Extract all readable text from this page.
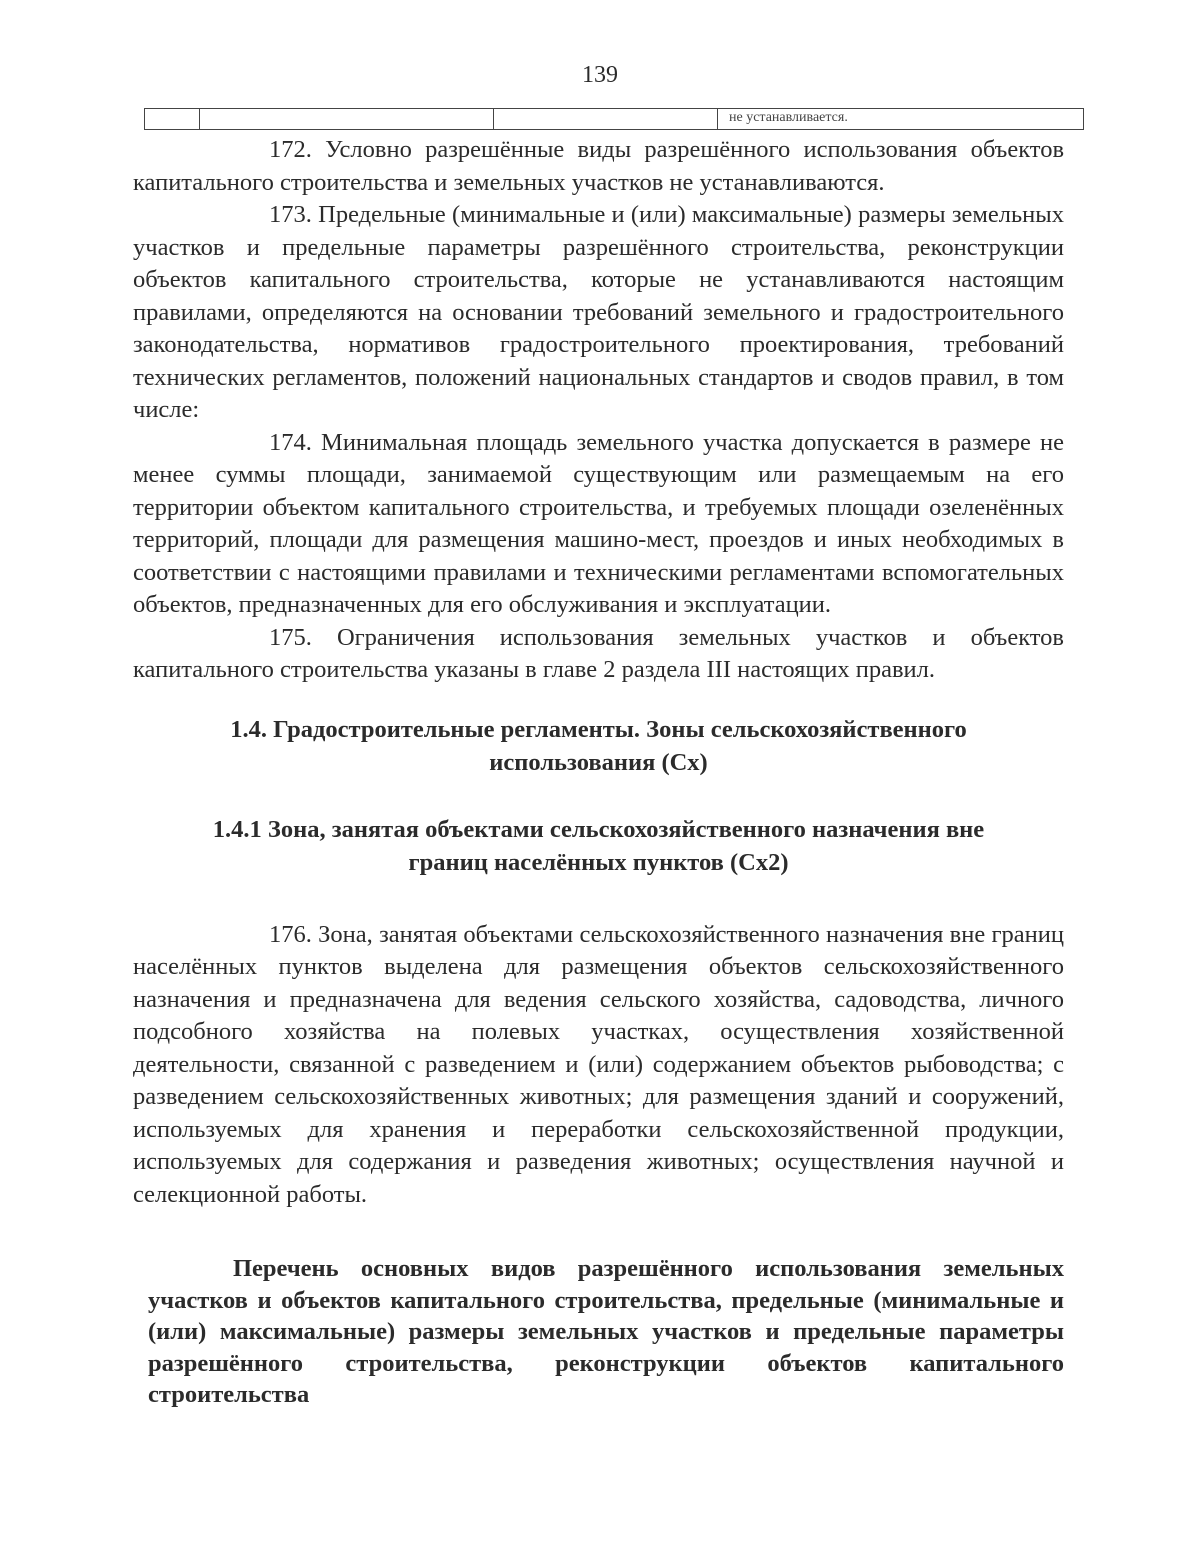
139
не устанавливается.

172. Условно разрешённые виды разрешённого использования объектов капитального строительства и земельных участков не устанавливаются.

173. Предельные (минимальные и (или) максимальные) размеры земельных участков и предельные параметры разрешённого строительства, реконструкции объектов капитального строительства, которые не устанавливаются настоящим правилами, определяются на основании требований земельного и градостроительного законодательства, нормативов градостроительного проектирования, требований технических регламентов, положений национальных стандартов и сводов правил, в том числе:

174. Минимальная площадь земельного участка допускается в размере не менее суммы площади, занимаемой существующим или размещаемым на его территории объектом капитального строительства, и требуемых площади озеленённых территорий, площади для размещения машино-мест, проездов и иных необходимых в соответствии с настоящими правилами и техническими регламентами вспомогательных объектов, предназначенных для его обслуживания и эксплуатации.

175. Ограничения использования земельных участков и объектов капитального строительства указаны в главе 2 раздела III настоящих правил.

1.4. Градостроительные регламенты. Зоны сельскохозяйственного
использования (Сх)
1.4.1 Зона, занятая объектами сельскохозяйственного назначения вне
границ населённых пунктов (Сх2)

176. Зона, занятая объектами сельскохозяйственного назначения вне границ населённых пунктов выделена для размещения объектов сельскохозяйственного назначения и предназначена для ведения сельского хозяйства, садоводства, личного подсобного хозяйства на полевых участках, осуществления хозяйственной деятельности, связанной с разведением и (или) содержанием объектов рыбоводства; с разведением сельскохозяйственных животных; для размещения зданий и сооружений, используемых для хранения и переработки сельскохозяйственной продукции, используемых для содержания и разведения животных; осуществления научной и селекционной работы.

Перечень основных видов разрешённого использования земельных участков и объектов капитального строительства, предельные (минимальные и (или) максимальные) размеры земельных участков и предельные параметры разрешённого строительства, реконструкции объектов капитального строительства
